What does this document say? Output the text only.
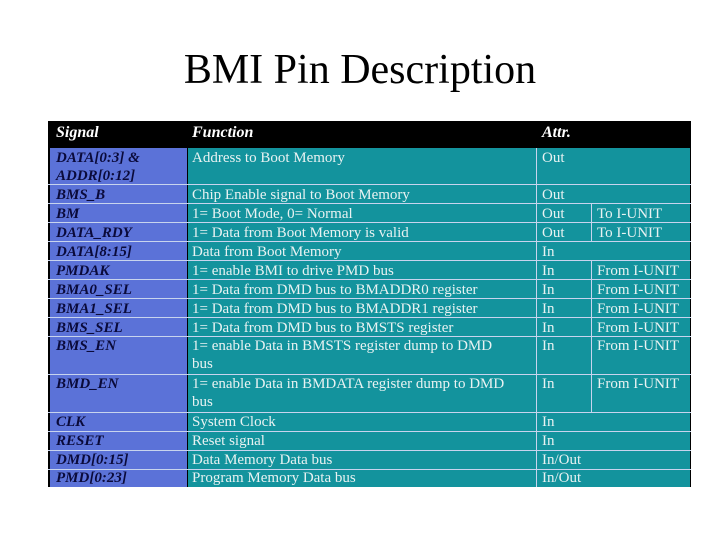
BMI Pin Description
Signal	Function	Attr.
DATA[0:3] &
ADDR[0:12]
BMS_B
BM
DATA_RDY
DATA[8:15]
PMDAK
BMA0_SEL
BMA1_SEL
BMS_SEL
BMS_EN
BMD_EN
CLK
RESET
DMD[0:15]
PMD[0:23]
Address to Boot Memory
Chip Enable signal to Boot Memory
1= Boot Mode, 0= Normal
1= Data from Boot Memory is valid
Data from Boot Memory
1= enable BMI to drive PMD bus
1= Data from DMD bus to BMADDR0 register
1= Data from DMD bus to BMADDR1 register
1= Data from DMD bus to BMSTS register
1= enable Data in BMSTS register dump to DMD
bus
1= enable Data in BMDATA register dump to DMD
bus
System Clock
Reset signal
Data Memory Data bus
Program Memory Data bus
Out
Out
Out
Out
In
In
In
In
In
In
In
In
In
In/Out
In/Out
To I-UNIT
To I-UNIT
From I-UNIT
From I-UNIT
From I-UNIT
From I-UNIT
From I-UNIT
From I-UNIT
